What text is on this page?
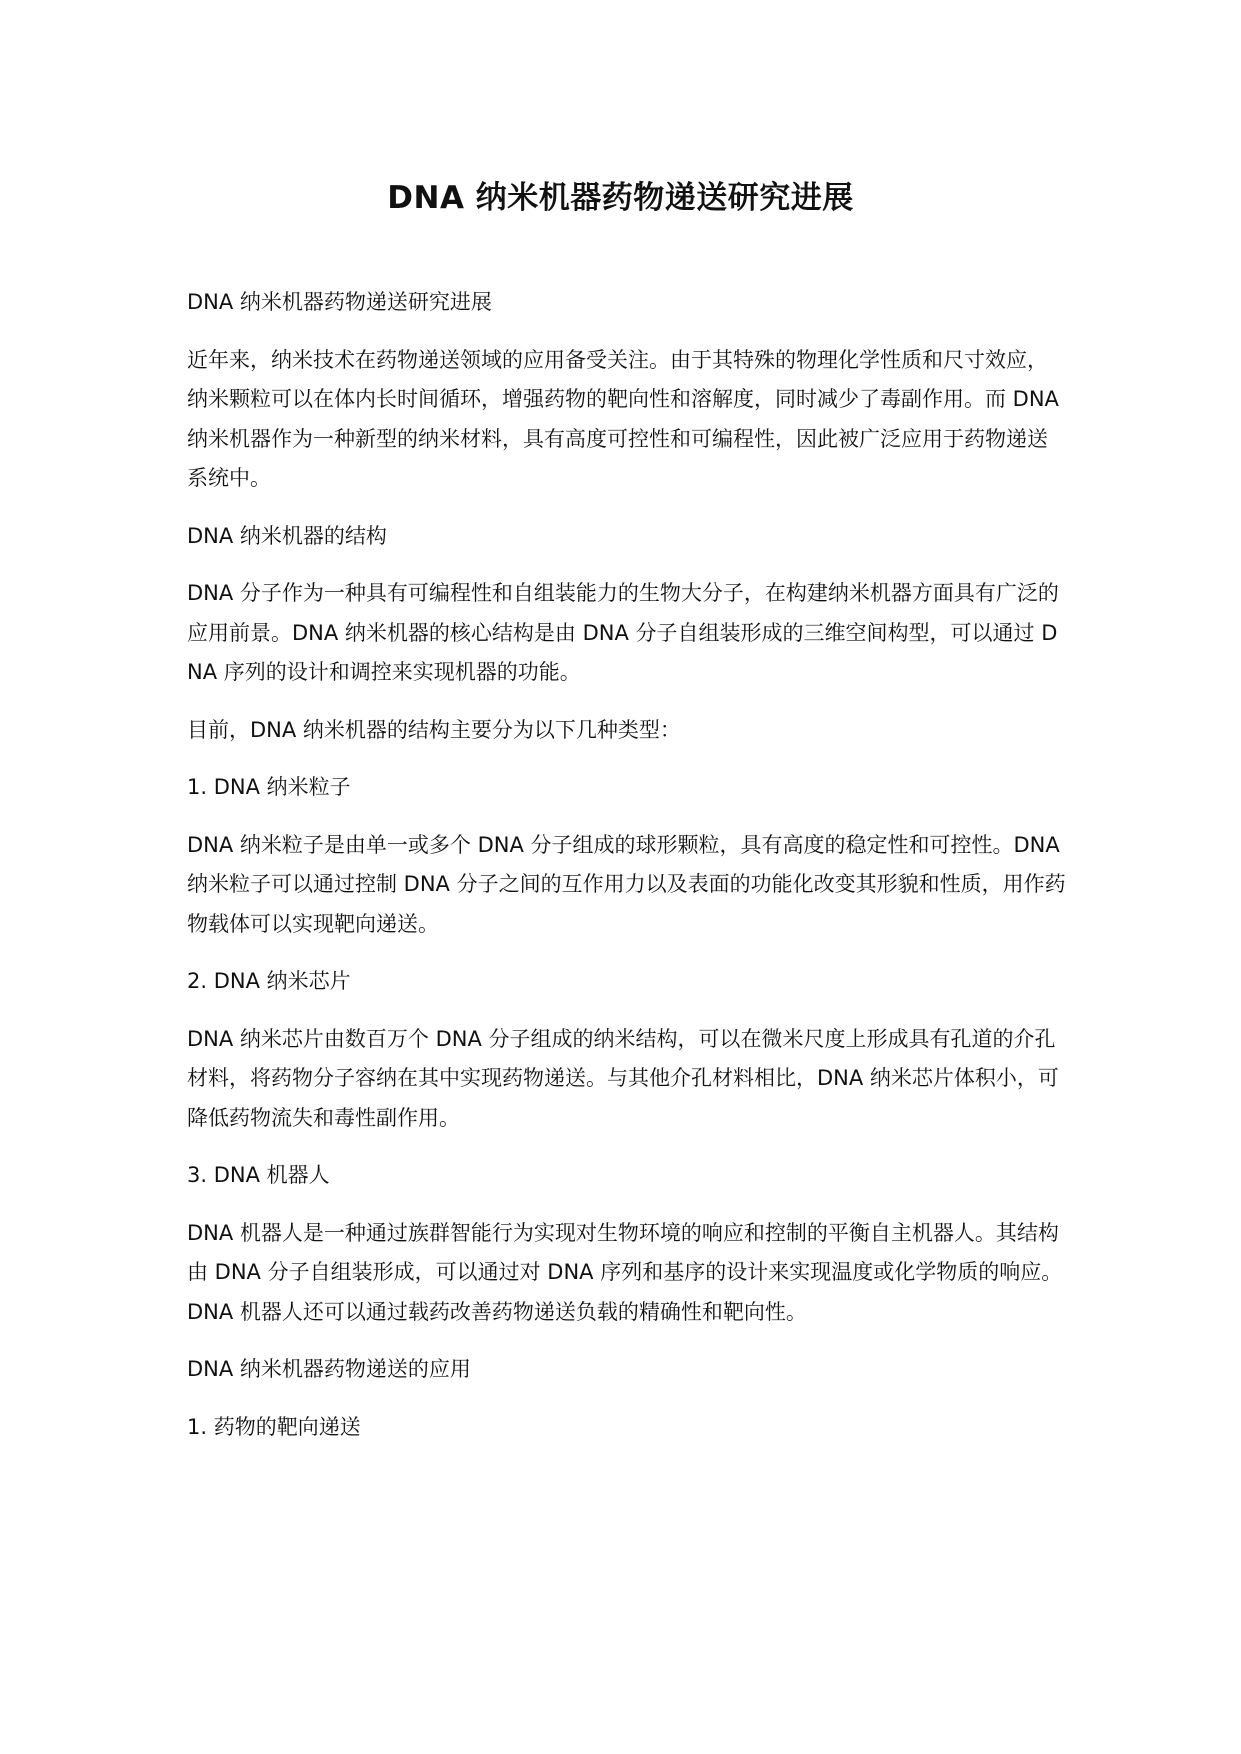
DNA 纳米机器药物递送研究进展

DNA 纳米机器药物递送研究进展

近年来，纳米技术在药物递送领域的应用备受关注。由于其特殊的物理化学性质和尺寸效应，纳米颗粒可以在体内长时间循环，增强药物的靶向性和溶解度，同时减少了毒副作用。而 DNA 纳米机器作为一种新型的纳米材料，具有高度可控性和可编程性，因此被广泛应用于药物递送系统中。

DNA 纳米机器的结构

DNA 分子作为一种具有可编程性和自组装能力的生物大分子，在构建纳米机器方面具有广泛的应用前景。DNA 纳米机器的核心结构是由 DNA 分子自组装形成的三维空间构型，可以通过 DNA 序列的设计和调控来实现机器的功能。

目前，DNA 纳米机器的结构主要分为以下几种类型：

1. DNA 纳米粒子

DNA 纳米粒子是由单一或多个 DNA 分子组成的球形颗粒，具有高度的稳定性和可控性。DNA 纳米粒子可以通过控制 DNA 分子之间的互作用力以及表面的功能化改变其形貌和性质，用作药物载体可以实现靶向递送。

2. DNA 纳米芯片

DNA 纳米芯片由数百万个 DNA 分子组成的纳米结构，可以在微米尺度上形成具有孔道的介孔材料，将药物分子容纳在其中实现药物递送。与其他介孔材料相比，DNA 纳米芯片体积小，可降低药物流失和毒性副作用。

3. DNA 机器人

DNA 机器人是一种通过族群智能行为实现对生物环境的响应和控制的平衡自主机器人。其结构由 DNA 分子自组装形成，可以通过对 DNA 序列和基序的设计来实现温度或化学物质的响应。DNA 机器人还可以通过载药改善药物递送负载的精确性和靶向性。

DNA 纳米机器药物递送的应用

1. 药物的靶向递送
